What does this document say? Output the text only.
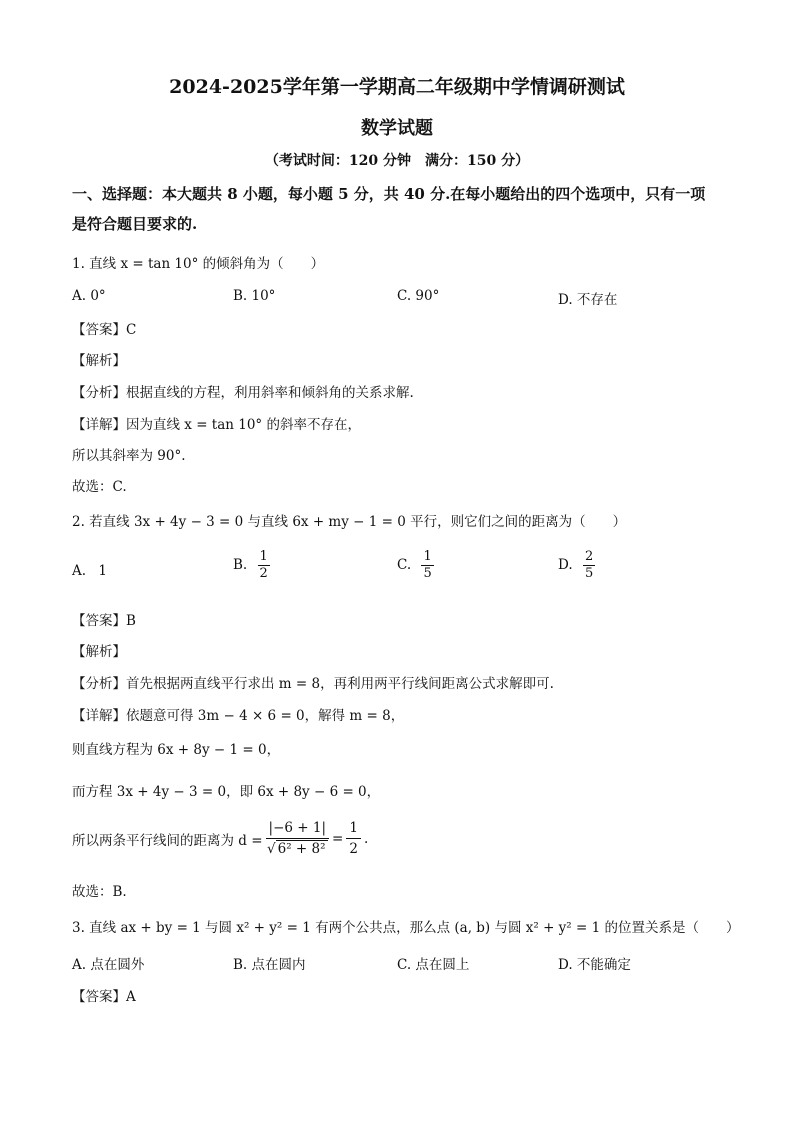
2024-2025学年第一学期高二年级期中学情调研测试
数学试题
（考试时间：120 分钟　满分：150 分）
一、选择题：本大题共 8 小题，每小题 5 分，共 40 分.在每小题给出的四个选项中，只有一项
是符合题目要求的.
1. 直线 x = tan 10° 的倾斜角为（　　）
A. 0°	B. 10°	C. 90°	D. 不存在
【答案】C
【解析】
【分析】根据直线的方程，利用斜率和倾斜角的关系求解.
【详解】因为直线 x = tan 10° 的斜率不存在，
所以其斜率为 90°.
故选：C.
2. 若直线 3x + 4y − 3 = 0 与直线 6x + my − 1 = 0 平行，则它们之间的距离为（　　）
A. 1	B. $\frac{1}{2}$	C. $\frac{1}{5}$	D. $\frac{2}{5}$
【答案】B
【解析】
【分析】首先根据两直线平行求出 m = 8，再利用两平行线间距离公式求解即可.
【详解】依题意可得 3m − 4 × 6 = 0，解得 m = 8，
则直线方程为 6x + 8y − 1 = 0，
而方程 3x + 4y − 3 = 0，即 6x + 8y − 6 = 0，
所以两条平行线间的距离为 $d = \frac{|-6 + 1|}{\text{√ 6² + 8²}} = \frac{1}{2}$ .
故选：B.
3. 直线 ax + by = 1 与圆 x² + y² = 1 有两个公共点，那么点 (a, b) 与圆 x² + y² = 1 的位置关系是（　　）
A. 点在圆外	B. 点在圆内	C. 点在圆上	D. 不能确定
【答案】A
